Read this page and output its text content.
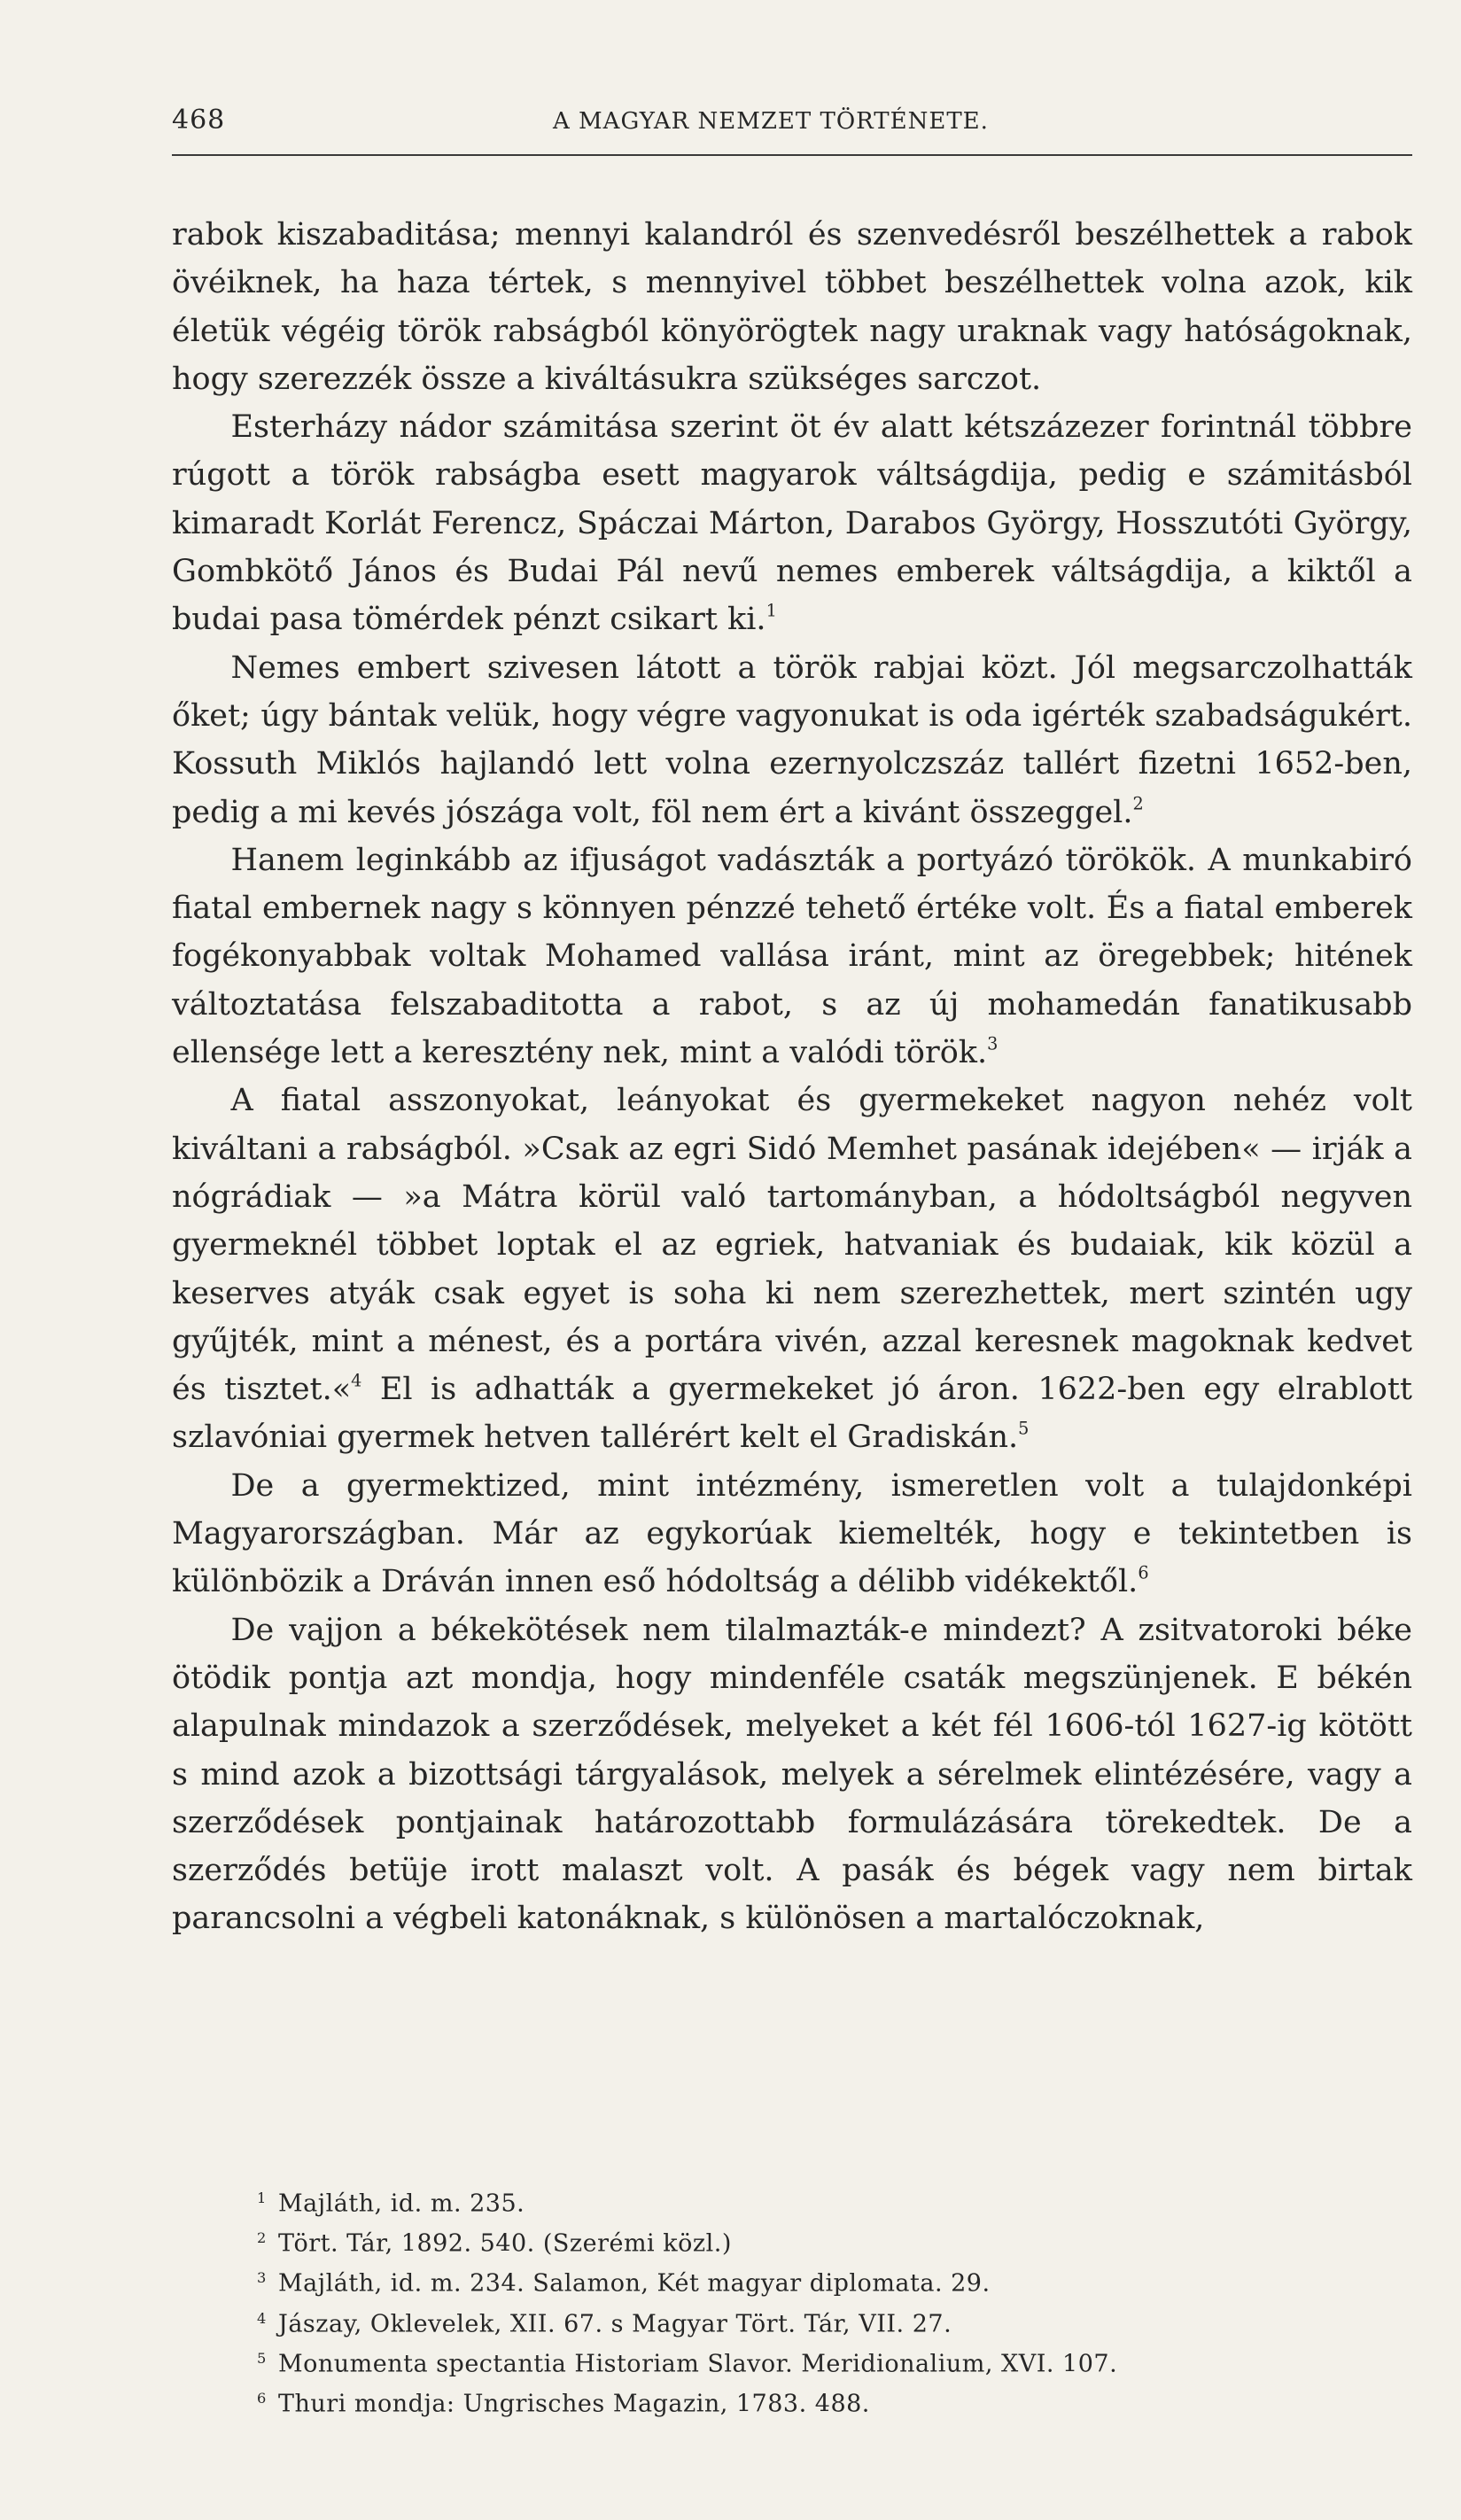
468	A MAGYAR NEMZET TÖRTÉNETE.

rabok kiszabaditása; mennyi kalandról és szenvedésről beszélhettek a rabok övéiknek, ha haza tértek, s mennyivel többet beszélhettek volna azok, kik életük végéig török rabságból könyörögtek nagy uraknak vagy hatóságoknak, hogy szerezzék össze a kiváltásukra szükséges sarczot.

Esterházy nádor számitása szerint öt év alatt kétszázezer forintnál többre rúgott a török rabságba esett magyarok váltságdija, pedig e számitásból kimaradt Korlát Ferencz, Spáczai Márton, Darabos György, Hosszutóti György, Gombkötő János és Budai Pál nevű nemes emberek váltságdija, a kiktől a budai pasa tömérdek pénzt csikart ki.$^1$

Nemes embert szivesen látott a török rabjai közt. Jól megsarczolhatták őket; úgy bántak velük, hogy végre vagyonukat is oda igérték szabadságukért. Kossuth Miklós hajlandó lett volna ezernyolczszáz tallért fizetni 1652-ben, pedig a mi kevés jószága volt, föl nem ért a kivánt összeggel.$^2$

Hanem leginkább az ifjuságot vadászták a portyázó törökök. A munkabiró fiatal embernek nagy s könnyen pénzzé tehető értéke volt. És a fiatal emberek fogékonyabbak voltak Mohamed vallása iránt, mint az öregebbek; hitének változtatása felszabaditotta a rabot, s az új mohamedán fanatikusabb ellensége lett a keresztény nek, mint a valódi török.$^3$

A fiatal asszonyokat, leányokat és gyermekeket nagyon nehéz volt kiváltani a rabságból. »Csak az egri Sidó Memhet pasának idejében« — irják a nógrádiak — »a Mátra körül való tartományban, a hódoltságból negyven gyermeknél többet loptak el az egriek, hatvaniak és budaiak, kik közül a keserves atyák csak egyet is soha ki nem szerezhettek, mert szintén ugy gyűjték, mint a ménest, és a portára vivén, azzal keresnek magoknak kedvet és tisztet.«$^4$ El is adhatták a gyermekeket jó áron. 1622-ben egy elrablott szlavóniai gyermek hetven tallérért kelt el Gradiskán.$^5$

De a gyermektized, mint intézmény, ismeretlen volt a tulajdonképi Magyarországban. Már az egykorúak kiemelték, hogy e tekintetben is különbözik a Dráván innen eső hódoltság a délibb vidékektől.$^6$

De vajjon a békekötések nem tilalmazták-e mindezt? A zsitvatoroki béke ötödik pontja azt mondja, hogy mindenféle csaták megszünjenek. E békén alapulnak mindazok a szerződések, melyeket a két fél 1606-tól 1627-ig kötött s mind azok a bizottsági tárgyalások, melyek a sérelmek elintézésére, vagy a szerződések pontjainak határozottabb formulázására törekedtek. De a szerződés betüje irott malaszt volt. A pasák és bégek vagy nem birtak parancsolni a végbeli katonáknak, s különösen a martalóczoknak,

1 Majláth, id. m. 235.
2 Tört. Tár, 1892. 540. (Szerémi közl.)
3 Majláth, id. m. 234. Salamon, Két magyar diplomata. 29.
4 Jászay, Oklevelek, XII. 67. s Magyar Tört. Tár, VII. 27.
5 Monumenta spectantia Historiam Slavor. Meridionalium, XVI. 107.
6 Thuri mondja: Ungrisches Magazin, 1783. 488.
